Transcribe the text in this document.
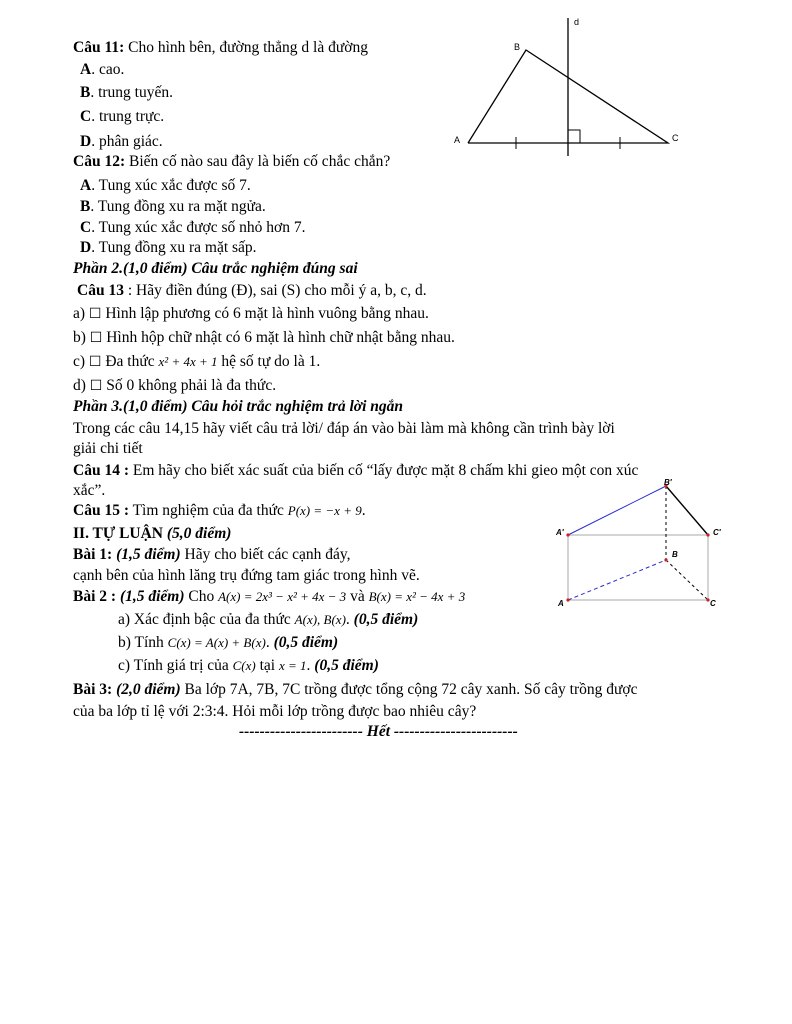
Câu 11: Cho hình bên, đường thẳng d là đường
A. cao.
B. trung tuyến.
C. trung trực.
D. phân giác.	A
B
C
d
Câu 12: Biến cố nào sau đây là biến cố chắc chắn?
A. Tung xúc xắc được số 7.
B. Tung đồng xu ra mặt ngửa.
C. Tung xúc xắc được số nhỏ hơn 7.
D. Tung đồng xu ra mặt sấp.
Phần 2.(1,0 điểm) Câu trắc nghiệm đúng sai
Câu 13 : Hãy điền đúng (Đ), sai (S) cho mỗi ý a, b, c, d.
a) ☐ Hình lập phương có 6 mặt là hình vuông bằng nhau.
b) ☐ Hình hộp chữ nhật có 6 mặt là hình chữ nhật bằng nhau.
c) ☐ Đa thức x² + 4x + 1 hệ số tự do là 1.
d) ☐ Số 0 không phải là đa thức.
Phần 3.(1,0 điểm) Câu hỏi trắc nghiệm trả lời ngắn
Trong các câu 14,15 hãy viết câu trả lời/ đáp án vào bài làm mà không cần trình bày lời
giải chi tiết
Câu 14 : Em hãy cho biết xác suất của biến cố “lấy được mặt 8 chấm khi gieo một con xúc
xắc”.
Câu 15 : Tìm nghiệm của đa thức P(x) = −x + 9.
II. TỰ LUẬN (5,0 điểm)
Bài 1: (1,5 điểm) Hãy cho biết các cạnh đáy,
cạnh bên của hình lăng trụ đứng tam giác trong hình vẽ.
A′
B′
C′
A
B
C
Bài 2 : (1,5 điểm) Cho A(x) = 2x³ − x² + 4x − 3 và B(x) = x² − 4x + 3
a) Xác định bậc của đa thức A(x), B(x). (0,5 điểm)
b) Tính C(x) = A(x) + B(x). (0,5 điểm)
c) Tính giá trị của C(x) tại x = 1. (0,5 điểm)
Bài 3: (2,0 điểm) Ba lớp 7A, 7B, 7C trồng được tổng cộng 72 cây xanh. Số cây trồng được
của ba lớp tỉ lệ với 2:3:4. Hỏi mỗi lớp trồng được bao nhiêu cây?
------------------------ Hết ------------------------
